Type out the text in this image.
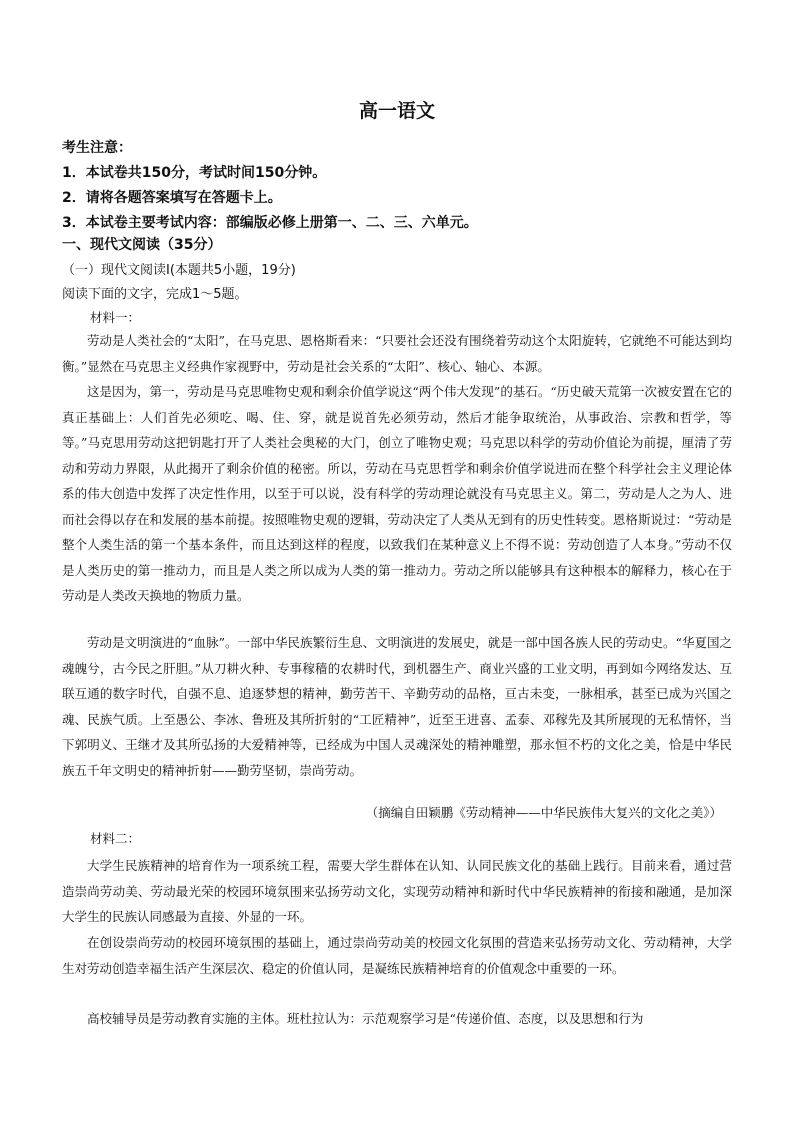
高一语文
考生注意：
1．本试卷共150分，考试时间150分钟。
2．请将各题答案填写在答题卡上。
3．本试卷主要考试内容：部编版必修上册第一、二、三、六单元。
一、现代文阅读（35分）
（一）现代文阅读Ⅰ(本题共5小题，19分)
阅读下面的文字，完成1～5题。
材料一：

劳动是人类社会的“太阳”，在马克思、恩格斯看来：“只要社会还没有围绕着劳动这个太阳旋转，它就绝不可能达到均衡。”显然在马克思主义经典作家视野中，劳动是社会关系的“太阳”、核心、轴心、本源。

这是因为，第一，劳动是马克思唯物史观和剩余价值学说这“两个伟大发现”的基石。“历史破天荒第一次被安置在它的真正基础上：人们首先必须吃、喝、住、穿，就是说首先必须劳动，然后才能争取统治，从事政治、宗教和哲学，等等。”马克思用劳动这把钥匙打开了人类社会奥秘的大门，创立了唯物史观；马克思以科学的劳动价值论为前提，厘清了劳动和劳动力界限，从此揭开了剩余价值的秘密。所以，劳动在马克思哲学和剩余价值学说进而在整个科学社会主义理论体系的伟大创造中发挥了决定性作用，以至于可以说，没有科学的劳动理论就没有马克思主义。第二，劳动是人之为人、进而社会得以存在和发展的基本前提。按照唯物史观的逻辑，劳动决定了人类从无到有的历史性转变。恩格斯说过：“劳动是整个人类生活的第一个基本条件，而且达到这样的程度，以致我们在某种意义上不得不说：劳动创造了人本身。”劳动不仅是人类历史的第一推动力，而且是人类之所以成为人类的第一推动力。劳动之所以能够具有这种根本的解释力，核心在于劳动是人类改天换地的物质力量。

劳动是文明演进的“血脉”。一部中华民族繁衍生息、文明演进的发展史，就是一部中国各族人民的劳动史。“华夏国之魂魄兮，古今民之肝胆。”从刀耕火种、专事稼穑的农耕时代，到机器生产、商业兴盛的工业文明，再到如今网络发达、互联互通的数字时代，自强不息、追逐梦想的精神，勤劳苦干、辛勤劳动的品格，亘古未变，一脉相承，甚至已成为兴国之魂、民族气质。上至愚公、李冰、鲁班及其所折射的“工匠精神”，近至王进喜、孟泰、邓稼先及其所展现的无私情怀，当下郭明义、王继才及其所弘扬的大爱精神等，已经成为中国人灵魂深处的精神雕塑，那永恒不朽的文化之美，恰是中华民族五千年文明史的精神折射——勤劳坚韧，崇尚劳动。

（摘编自田颖鹏《劳动精神——中华民族伟大复兴的文化之美》）
材料二：

大学生民族精神的培育作为一项系统工程，需要大学生群体在认知、认同民族文化的基础上践行。目前来看，通过营造崇尚劳动美、劳动最光荣的校园环境氛围来弘扬劳动文化，实现劳动精神和新时代中华民族精神的衔接和融通，是加深大学生的民族认同感最为直接、外显的一环。

在创设崇尚劳动的校园环境氛围的基础上，通过崇尚劳动美的校园文化氛围的营造来弘扬劳动文化、劳动精神，大学生对劳动创造幸福生活产生深层次、稳定的价值认同，是凝练民族精神培育的价值观念中重要的一环。

高校辅导员是劳动教育实施的主体。班杜拉认为：示范观察学习是“传递价值、态度，以及思想和行为
